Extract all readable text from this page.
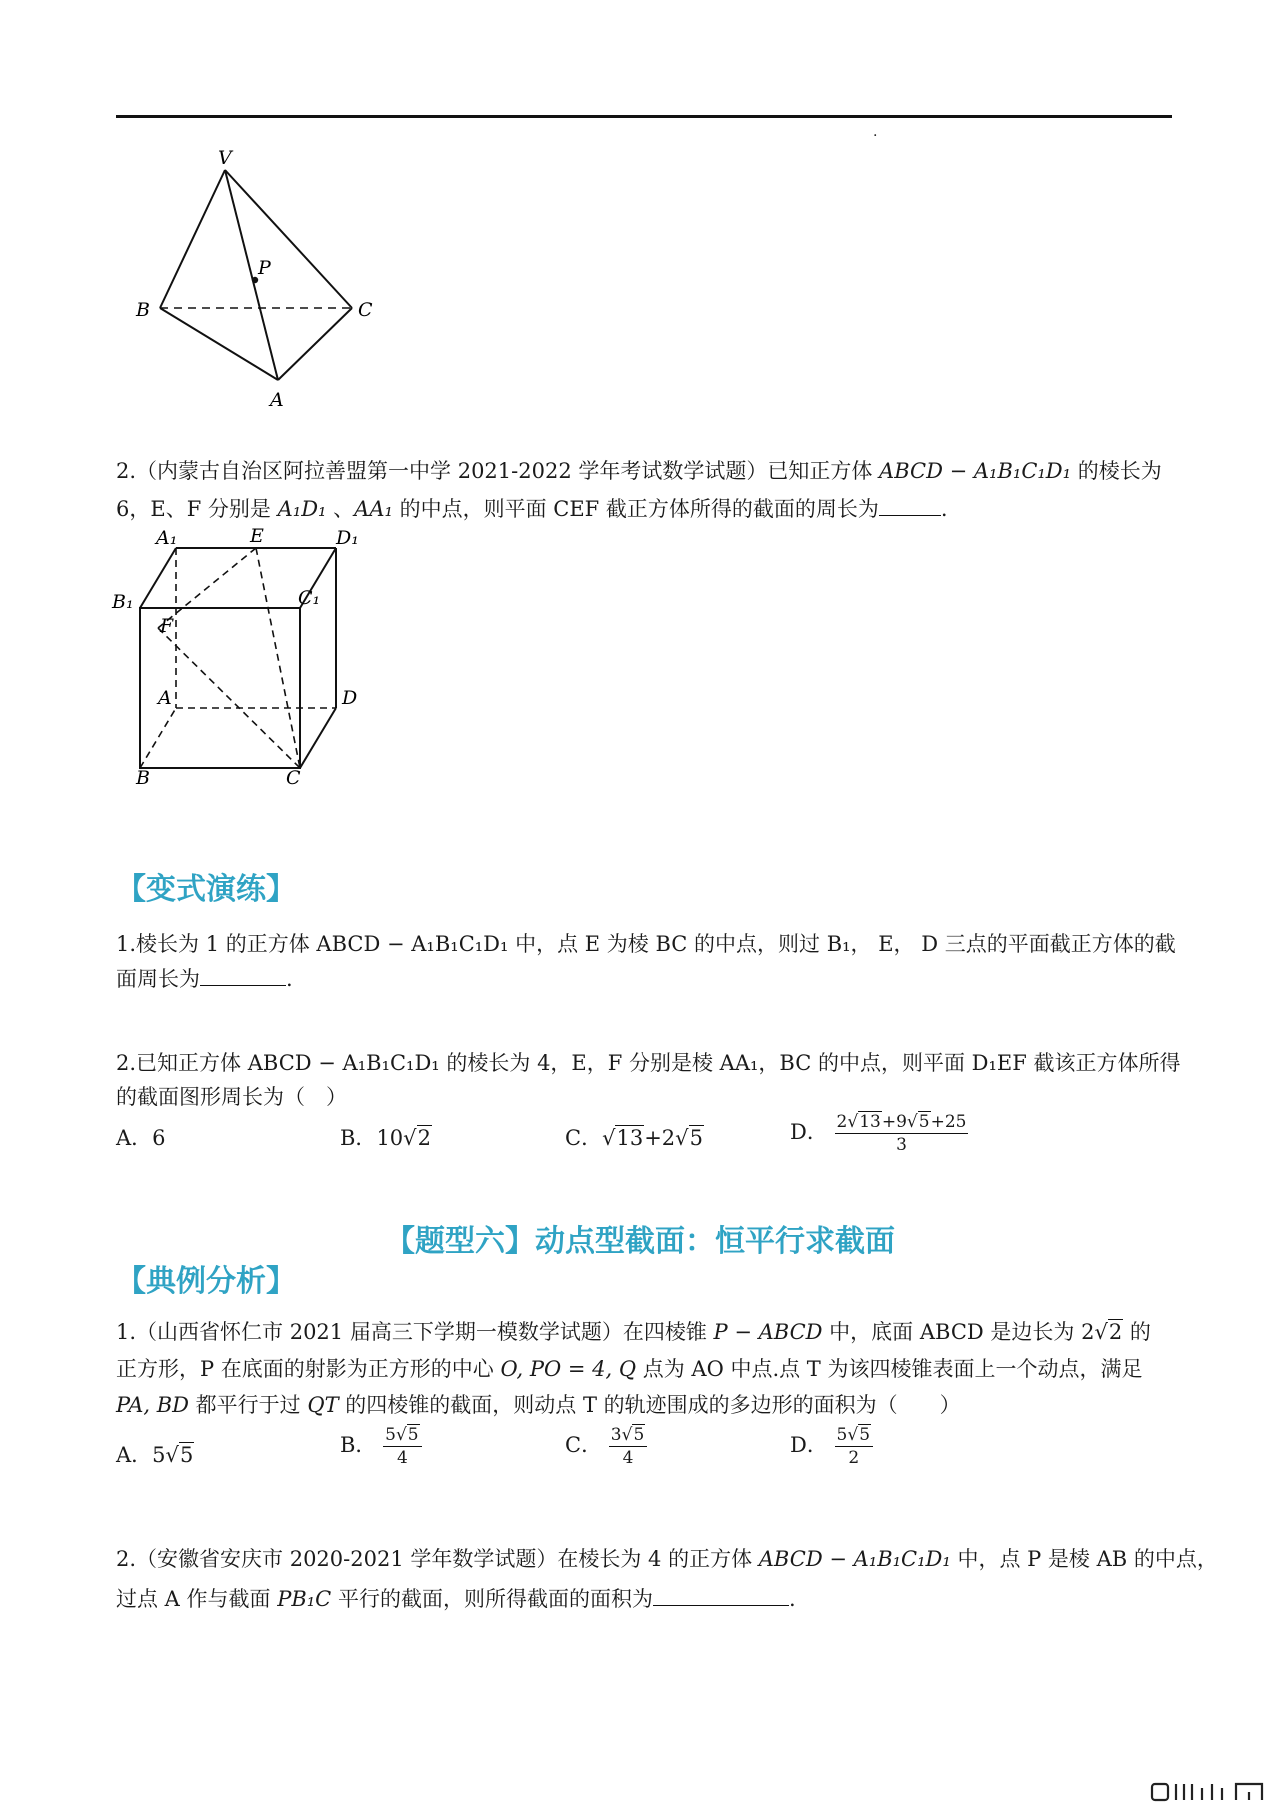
.
V
P
B	C
A
2.（内蒙古自治区阿拉善盟第一中学 2021-2022 学年考试数学试题）已知正方体 ABCD − A₁B₁C₁D₁ 的棱长为
6，E、F 分别是 A₁D₁ 、AA₁ 的中点，则平面 CEF 截正方体所得的截面的周长为	.
A₁	E	D₁
B₁	C₁
F
A	D
B	C
【变式演练】
1.棱长为 1 的正方体 ABCD − A₁B₁C₁D₁ 中，点 E 为棱 BC 的中点，则过 B₁， E， D 三点的平面截正方体的截
面周长为	.
2.已知正方体 ABCD − A₁B₁C₁D₁ 的棱长为 4，E，F 分别是棱 AA₁，BC 的中点，则平面 D₁EF 截该正方体所得
的截面图形周长为（　）
A．6	B．10√2	C．√13+2√5	D． $\frac{2√13+9√5+25}{3}$
【题型六】动点型截面：恒平行求截面
【典例分析】
1.（山西省怀仁市 2021 届高三下学期一模数学试题）在四棱锥 P − ABCD 中，底面 ABCD 是边长为 2√2 的
正方形，P 在底面的射影为正方形的中心 O, PO = 4, Q 点为 AO 中点.点 T 为该四棱锥表面上一个动点，满足
PA, BD 都平行于过 QT 的四棱锥的截面，则动点 T 的轨迹围成的多边形的面积为（　　）
A．5√5	B． $\frac{5√5}{4}$	C． $\frac{3√5}{4}$	D． $\frac{5√5}{2}$
2.（安徽省安庆市 2020-2021 学年数学试题）在棱长为 4 的正方体 ABCD − A₁B₁C₁D₁ 中，点 P 是棱 AB 的中点，
过点 A 作与截面 PB₁C 平行的截面，则所得截面的面积为	.
